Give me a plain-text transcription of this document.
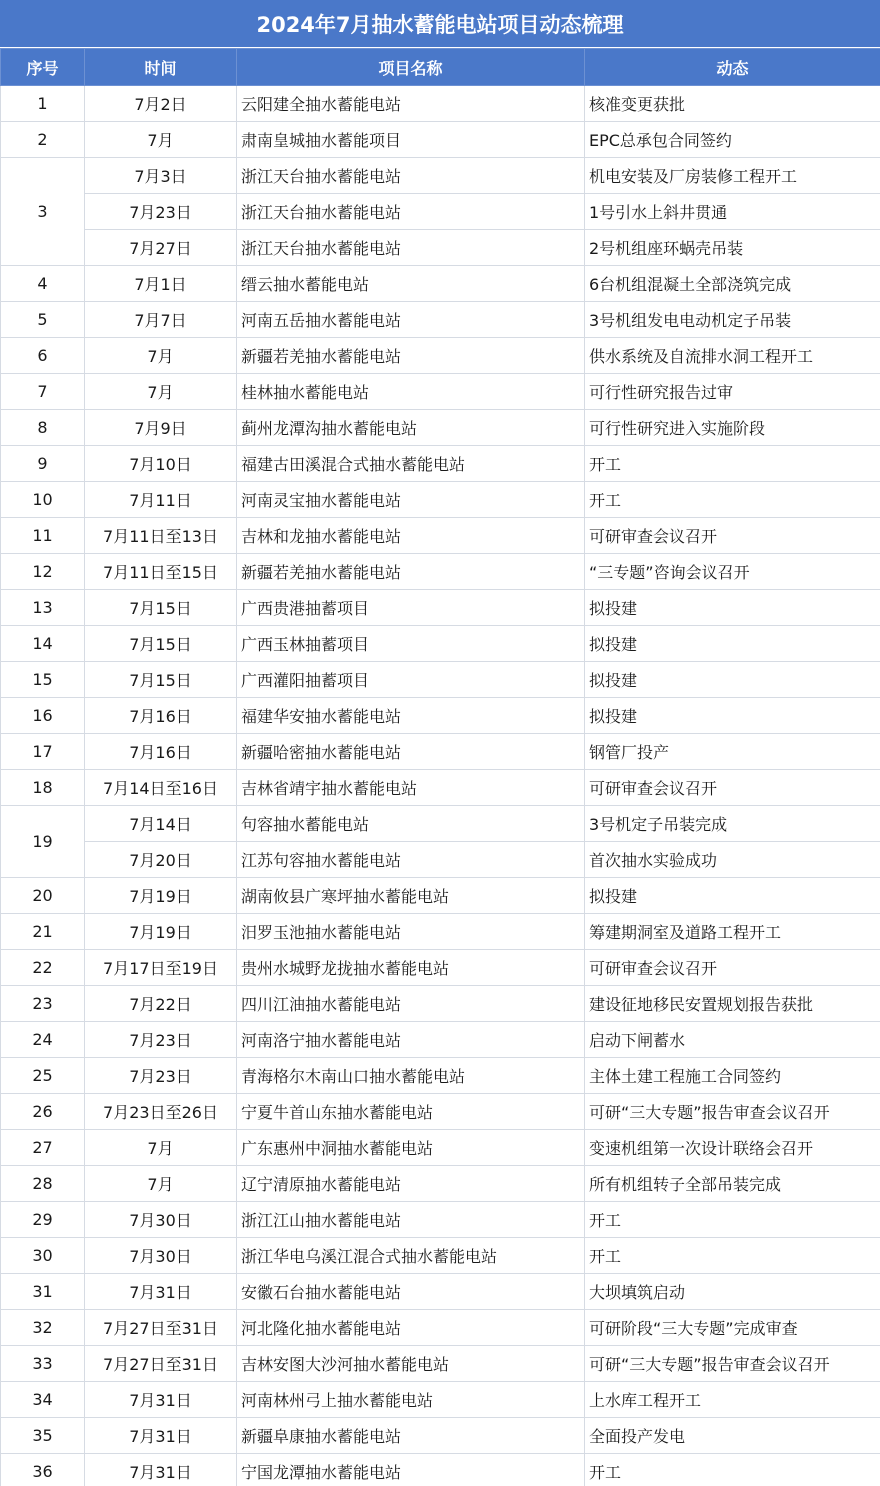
2024年7月抽水蓄能电站项目动态梳理
序号	时间	项目名称	动态
1	7月2日	云阳建全抽水蓄能电站	核准变更获批
2	7月	肃南皇城抽水蓄能项目	EPC总承包合同签约
3	7月3日	浙江天台抽水蓄能电站	机电安装及厂房装修工程开工
	7月23日	浙江天台抽水蓄能电站	1号引水上斜井贯通
	7月27日	浙江天台抽水蓄能电站	2号机组座环蜗壳吊装
4	7月1日	缙云抽水蓄能电站	6台机组混凝土全部浇筑完成
5	7月7日	河南五岳抽水蓄能电站	3号机组发电电动机定子吊装
6	7月	新疆若羌抽水蓄能电站	供水系统及自流排水洞工程开工
7	7月	桂林抽水蓄能电站	可行性研究报告过审
8	7月9日	蓟州龙潭沟抽水蓄能电站	可行性研究进入实施阶段
9	7月10日	福建古田溪混合式抽水蓄能电站	开工
10	7月11日	河南灵宝抽水蓄能电站	开工
11	7月11日至13日	吉林和龙抽水蓄能电站	可研审查会议召开
12	7月11日至15日	新疆若羌抽水蓄能电站	“三专题”咨询会议召开
13	7月15日	广西贵港抽蓄项目	拟投建
14	7月15日	广西玉林抽蓄项目	拟投建
15	7月15日	广西灌阳抽蓄项目	拟投建
16	7月16日	福建华安抽水蓄能电站	拟投建
17	7月16日	新疆哈密抽水蓄能电站	钢管厂投产
18	7月14日至16日	吉林省靖宇抽水蓄能电站	可研审查会议召开
19	7月14日	句容抽水蓄能电站	3号机定子吊装完成
	7月20日	江苏句容抽水蓄能电站	首次抽水实验成功
20	7月19日	湖南攸县广寒坪抽水蓄能电站	拟投建
21	7月19日	汨罗玉池抽水蓄能电站	筹建期洞室及道路工程开工
22	7月17日至19日	贵州水城野龙拢抽水蓄能电站	可研审查会议召开
23	7月22日	四川江油抽水蓄能电站	建设征地移民安置规划报告获批
24	7月23日	河南洛宁抽水蓄能电站	启动下闸蓄水
25	7月23日	青海格尔木南山口抽水蓄能电站	主体土建工程施工合同签约
26	7月23日至26日	宁夏牛首山东抽水蓄能电站	可研“三大专题”报告审查会议召开
27	7月	广东惠州中洞抽水蓄能电站	变速机组第一次设计联络会召开
28	7月	辽宁清原抽水蓄能电站	所有机组转子全部吊装完成
29	7月30日	浙江江山抽水蓄能电站	开工
30	7月30日	浙江华电乌溪江混合式抽水蓄能电站	开工
31	7月31日	安徽石台抽水蓄能电站	大坝填筑启动
32	7月27日至31日	河北隆化抽水蓄能电站	可研阶段“三大专题”完成审查
33	7月27日至31日	吉林安图大沙河抽水蓄能电站	可研“三大专题”报告审查会议召开
34	7月31日	河南林州弓上抽水蓄能电站	上水库工程开工
35	7月31日	新疆阜康抽水蓄能电站	全面投产发电
36	7月31日	宁国龙潭抽水蓄能电站	开工
